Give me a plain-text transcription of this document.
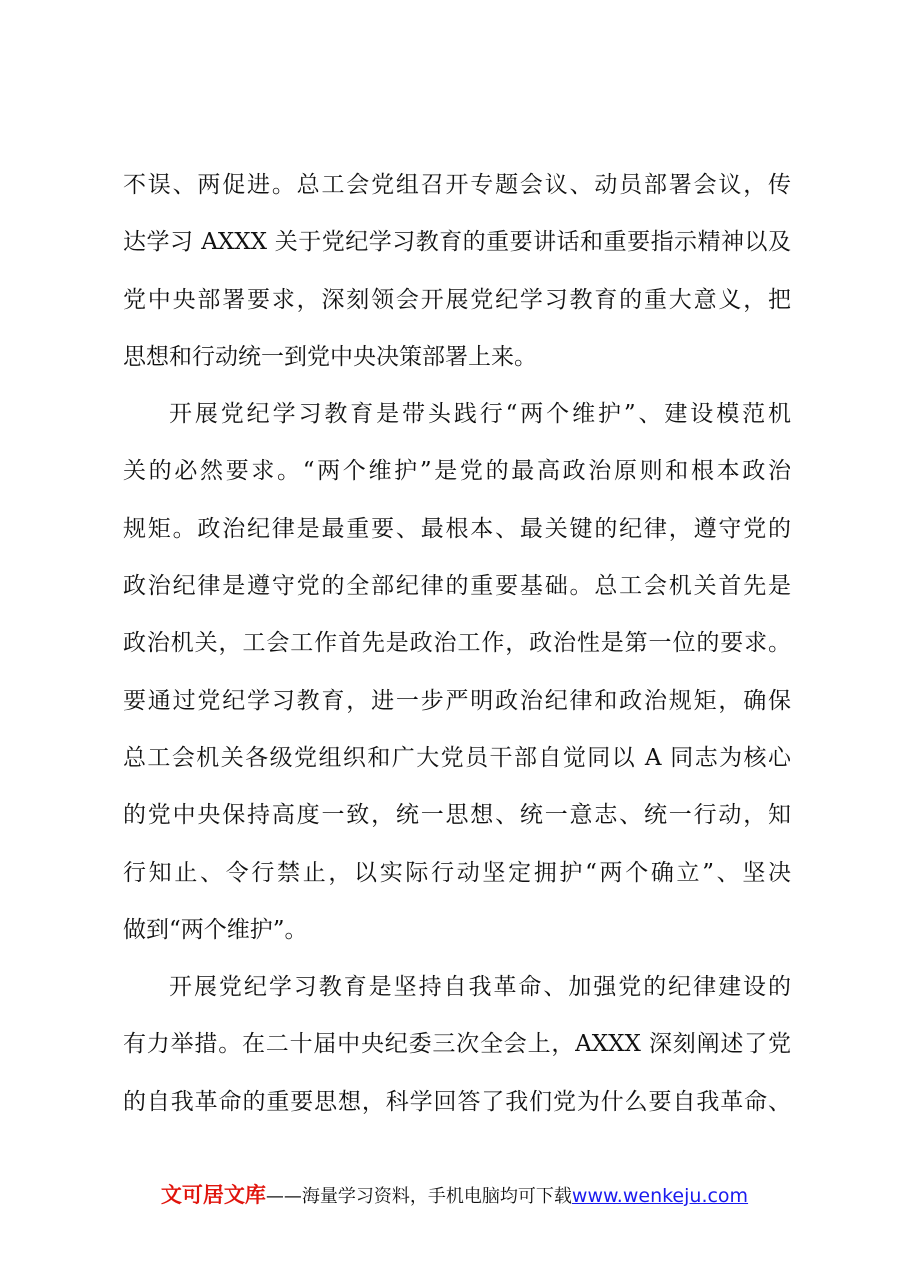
不误、两促进。总工会党组召开专题会议、动员部署会议，传
达学习 AXXX 关于党纪学习教育的重要讲话和重要指示精神以及
党中央部署要求，深刻领会开展党纪学习教育的重大意义，把
思想和行动统一到党中央决策部署上来。
开展党纪学习教育是带头践行“两个维护”、建设模范机
关的必然要求。“两个维护”是党的最高政治原则和根本政治
规矩。政治纪律是最重要、最根本、最关键的纪律，遵守党的
政治纪律是遵守党的全部纪律的重要基础。总工会机关首先是
政治机关，工会工作首先是政治工作，政治性是第一位的要求。
要通过党纪学习教育，进一步严明政治纪律和政治规矩，确保
总工会机关各级党组织和广大党员干部自觉同以 A 同志为核心
的党中央保持高度一致，统一思想、统一意志、统一行动，知
行知止、令行禁止，以实际行动坚定拥护“两个确立”、坚决
做到“两个维护”。
开展党纪学习教育是坚持自我革命、加强党的纪律建设的
有力举措。在二十届中央纪委三次全会上，AXXX 深刻阐述了党
的自我革命的重要思想，科学回答了我们党为什么要自我革命、
文可居文库——海量学习资料，手机电脑均可下载www.wenkeju.com
